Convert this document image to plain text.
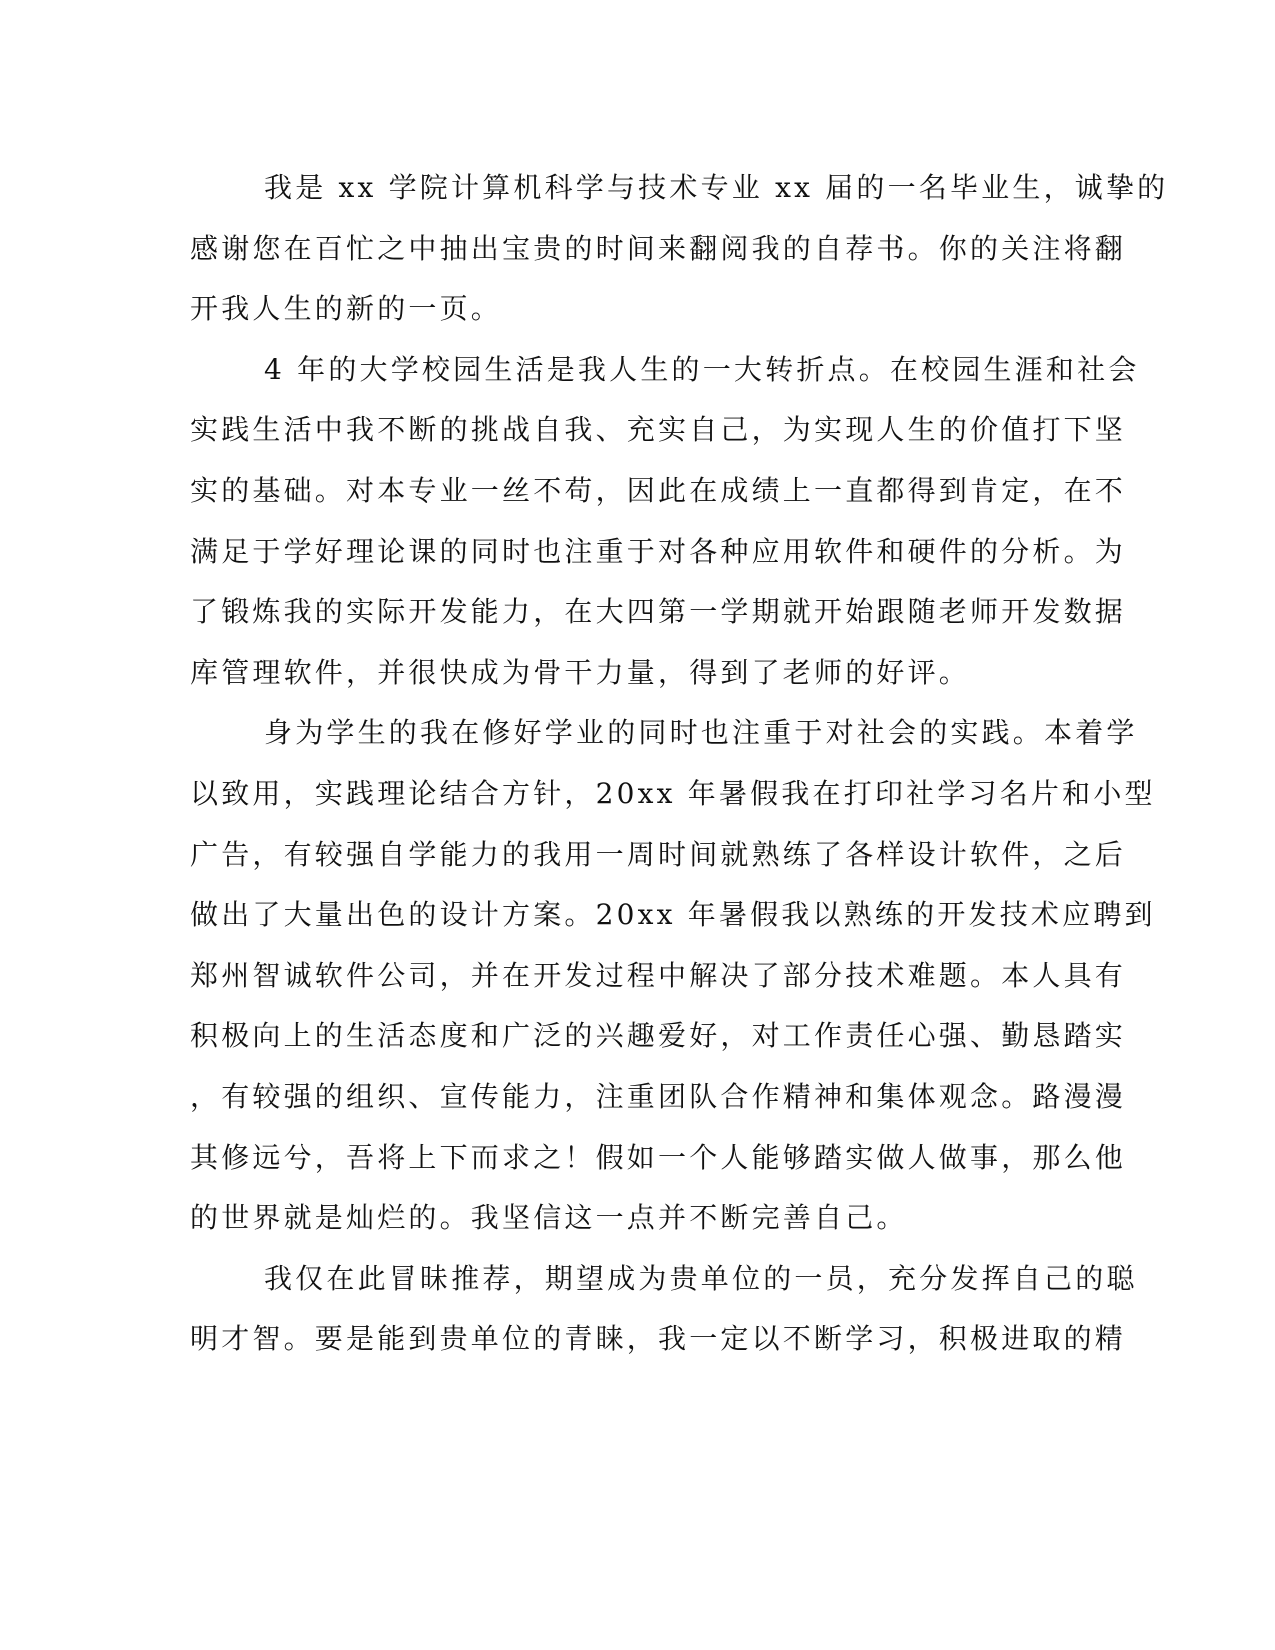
我是 xx 学院计算机科学与技术专业 xx 届的一名毕业生，诚挚的
感谢您在百忙之中抽出宝贵的时间来翻阅我的自荐书。你的关注将翻
开我人生的新的一页。

4 年的大学校园生活是我人生的一大转折点。在校园生涯和社会
实践生活中我不断的挑战自我、充实自己，为实现人生的价值打下坚
实的基础。对本专业一丝不苟，因此在成绩上一直都得到肯定，在不
满足于学好理论课的同时也注重于对各种应用软件和硬件的分析。为
了锻炼我的实际开发能力，在大四第一学期就开始跟随老师开发数据
库管理软件，并很快成为骨干力量，得到了老师的好评。

身为学生的我在修好学业的同时也注重于对社会的实践。本着学
以致用，实践理论结合方针，20xx 年暑假我在打印社学习名片和小型
广告，有较强自学能力的我用一周时间就熟练了各样设计软件，之后
做出了大量出色的设计方案。20xx 年暑假我以熟练的开发技术应聘到
郑州智诚软件公司，并在开发过程中解决了部分技术难题。本人具有
积极向上的生活态度和广泛的兴趣爱好，对工作责任心强、勤恳踏实
，有较强的组织、宣传能力，注重团队合作精神和集体观念。路漫漫
其修远兮，吾将上下而求之！假如一个人能够踏实做人做事，那么他
的世界就是灿烂的。我坚信这一点并不断完善自己。

我仅在此冒昧推荐，期望成为贵单位的一员，充分发挥自己的聪
明才智。要是能到贵单位的青睐，我一定以不断学习，积极进取的精
